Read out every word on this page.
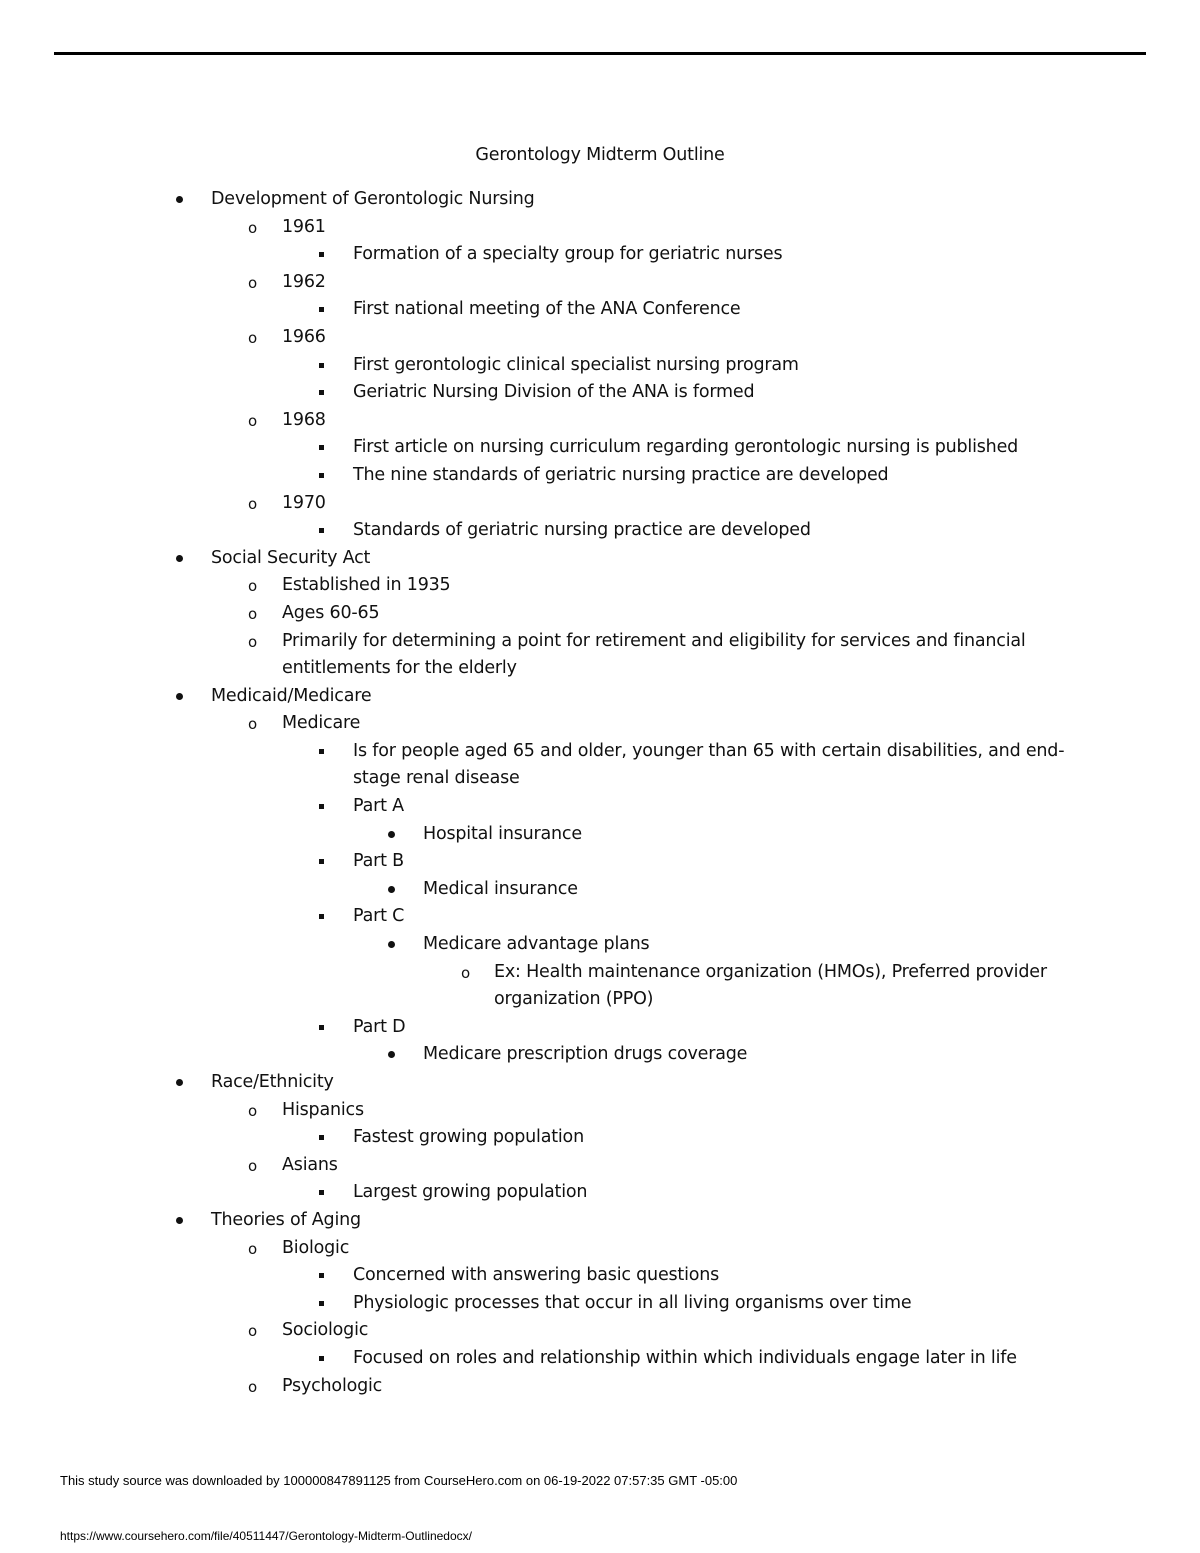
Gerontology Midterm Outline
Development of Gerontologic Nursing
o 1961
Formation of a specialty group for geriatric nurses
o 1962
First national meeting of the ANA Conference
o 1966
First gerontologic clinical specialist nursing program
Geriatric Nursing Division of the ANA is formed
o 1968
First article on nursing curriculum regarding gerontologic nursing is published
The nine standards of geriatric nursing practice are developed
o 1970
Standards of geriatric nursing practice are developed
Social Security Act
o Established in 1935
o Ages 60-65
o Primarily for determining a point for retirement and eligibility for services and financial entitlements for the elderly
Medicaid/Medicare
o Medicare
Is for people aged 65 and older, younger than 65 with certain disabilities, and end-stage renal disease
Part A
Hospital insurance
Part B
Medical insurance
Part C
Medicare advantage plans
o Ex: Health maintenance organization (HMOs), Preferred provider organization (PPO)
Part D
Medicare prescription drugs coverage
Race/Ethnicity
o Hispanics
Fastest growing population
o Asians
Largest growing population
Theories of Aging
o Biologic
Concerned with answering basic questions
Physiologic processes that occur in all living organisms over time
o Sociologic
Focused on roles and relationship within which individuals engage later in life
o Psychologic
This study source was downloaded by 100000847891125 from CourseHero.com on 06-19-2022 07:57:35 GMT -05:00
https://www.coursehero.com/file/40511447/Gerontology-Midterm-Outlinedocx/
